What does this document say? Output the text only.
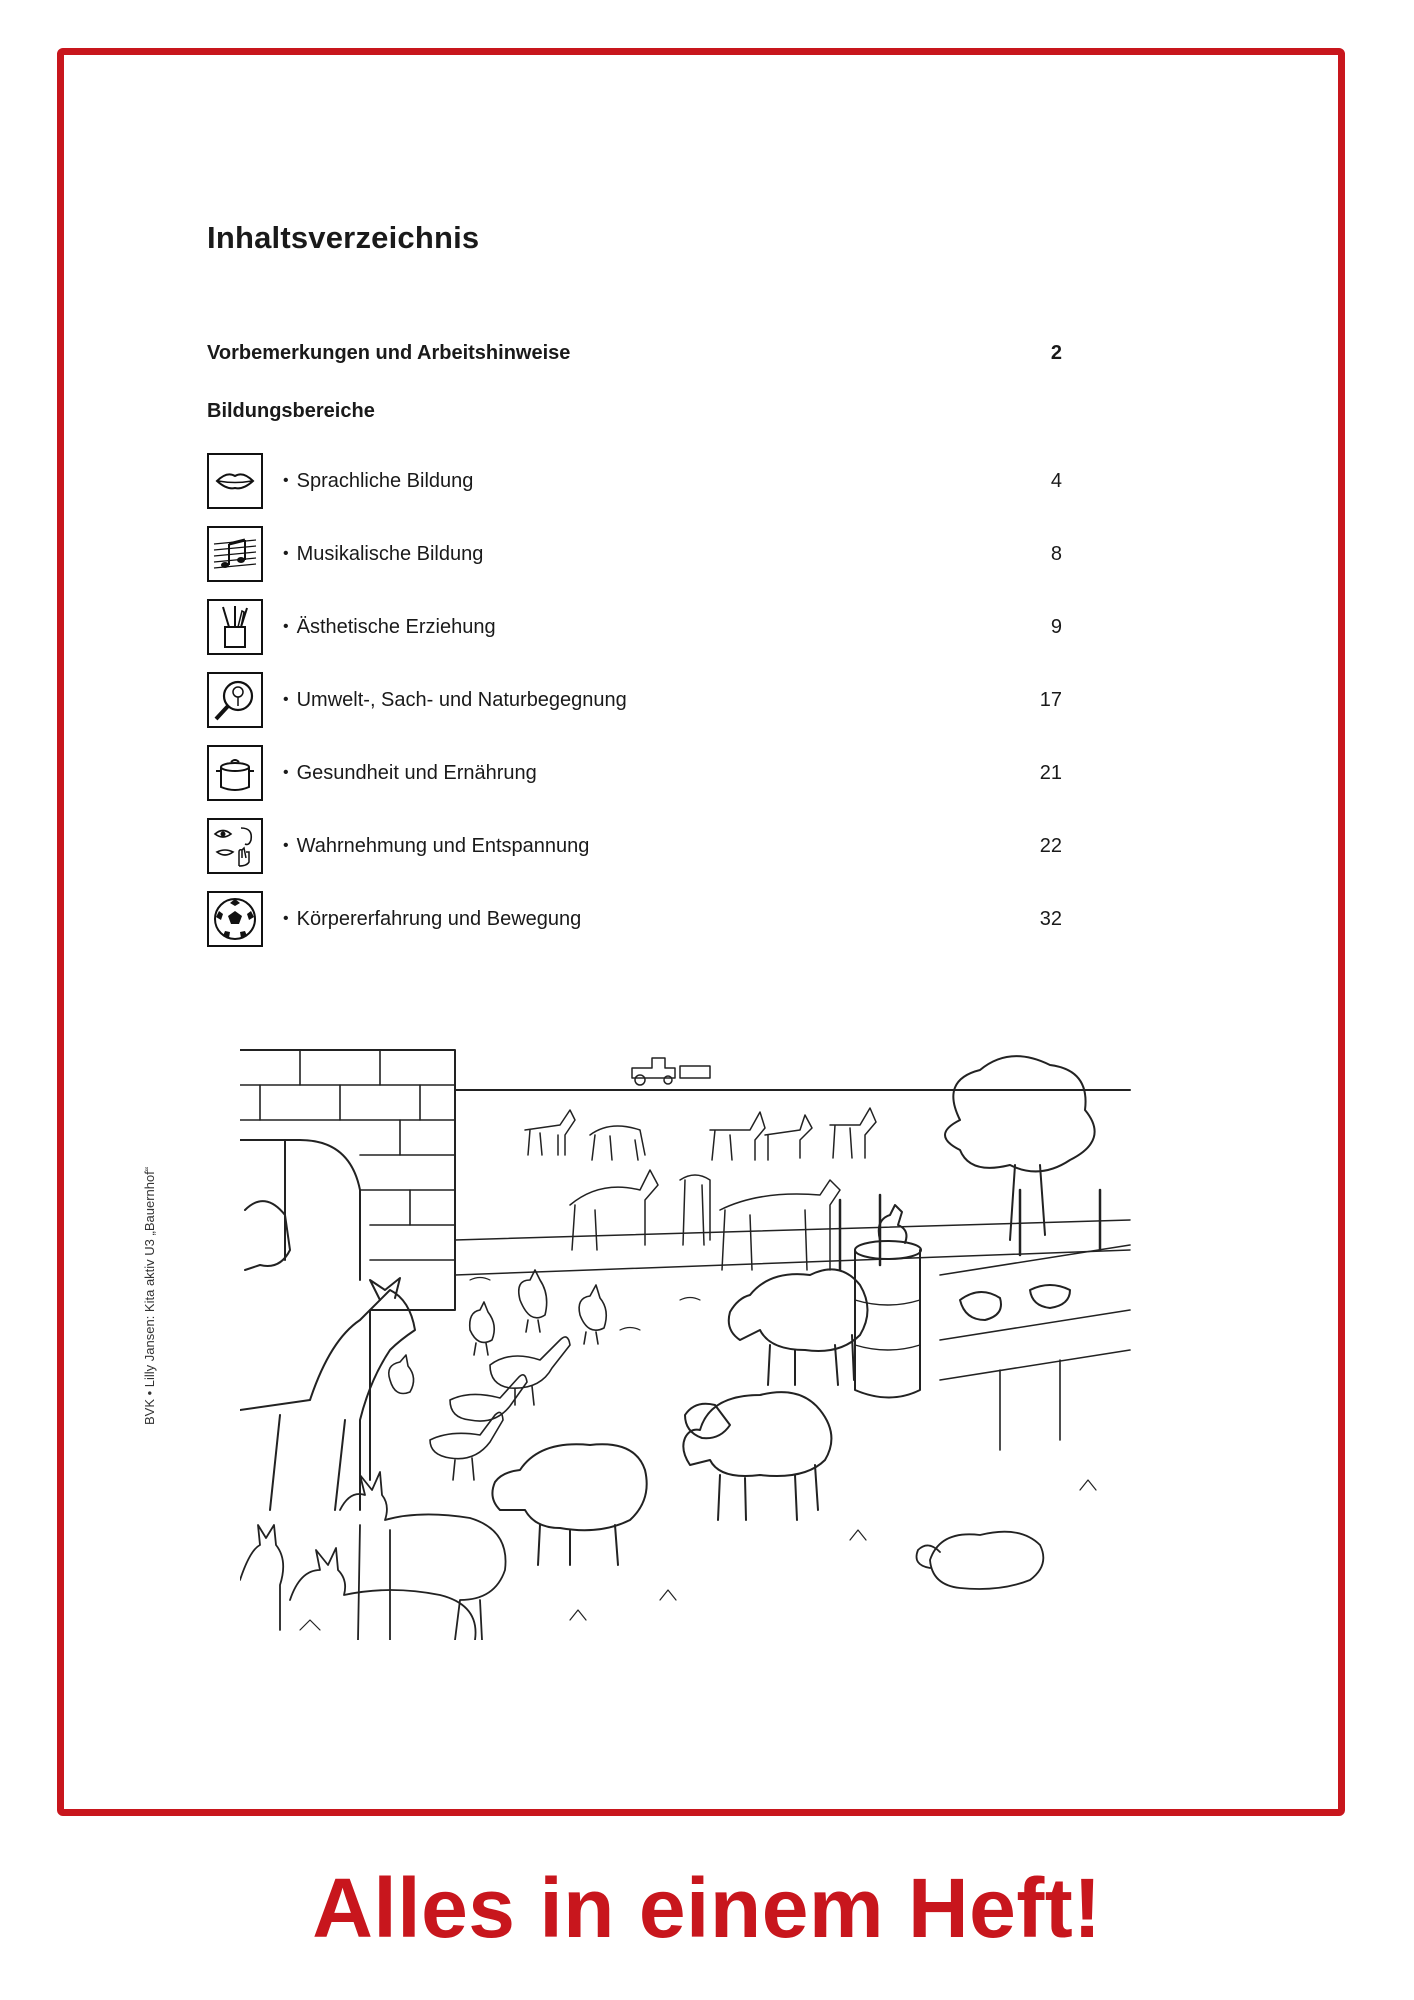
Inhaltsverzeichnis
Vorbemerkungen und Arbeitshinweise	2
Bildungsbereiche
• Sprachliche Bildung	4
• Musikalische Bildung	8
• Ästhetische Erziehung	9
• Umwelt-, Sach- und Naturbegegnung	17
• Gesundheit und Ernährung	21
• Wahrnehmung und Entspannung	22
• Körpererfahrung und Bewegung	32
BVK • Lilly Jansen: Kita aktiv U3 „Bauernhof“
Alles in einem Heft!
